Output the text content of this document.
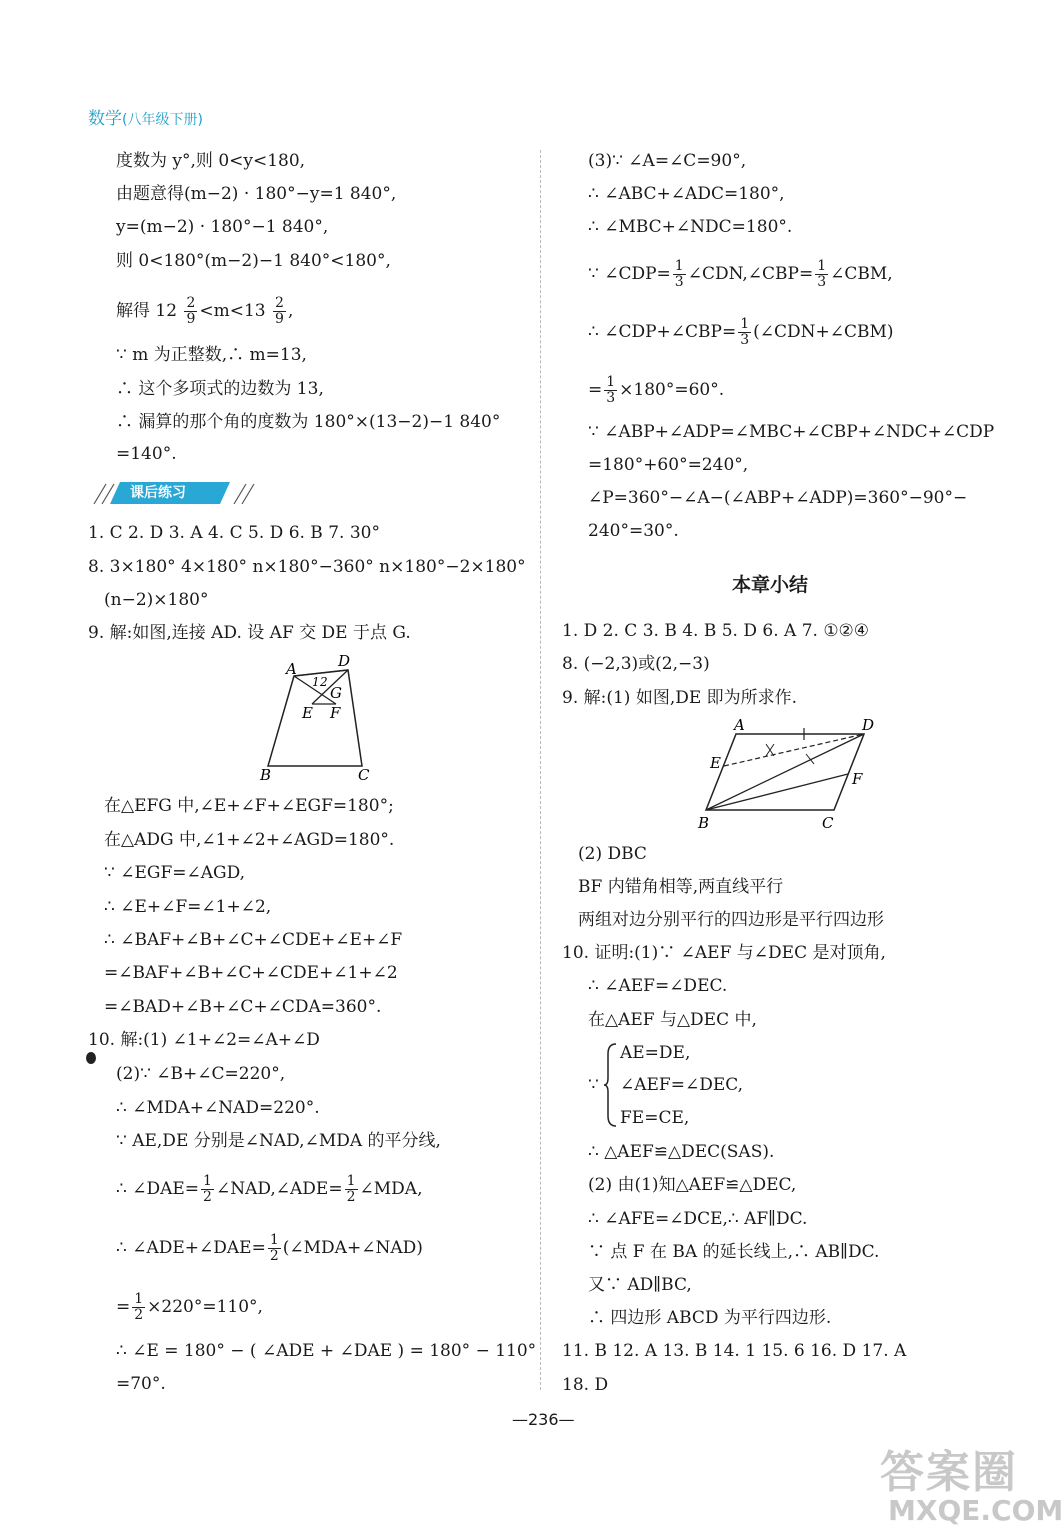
数学(八年级下册)
度数为 y°,则 0<y<180,
由题意得(m−2) · 180°−y=1 840°,
y=(m−2) · 180°−1 840°,
则 0<180°(m−2)−1 840°<180°,
解得 $12 \frac{2}{9} <m<13 \frac{2}{9}$ ,
∵ m 为正整数,∴ m=13,
∴ 这个多项式的边数为 13,
∴ 漏算的那个角的度数为 180°×(13−2)−1 840°
=140°.
课后练习
1. C 2. D 3. A 4. C 5. D 6. B 7. 30°
8. 3×180° 4×180° n×180°−360° n×180°−2×180°
(n−2)×180°
9. 解:如图,连接 AD. 设 AF 交 DE 于点 G.
A	D
1 2
G
E F
B	C
在△EFG 中,∠E+∠F+∠EGF=180°;
在△ADG 中,∠1+∠2+∠AGD=180°.
∵ ∠EGF=∠AGD,
∴ ∠E+∠F=∠1+∠2,
∴ ∠BAF+∠B+∠C+∠CDE+∠E+∠F
=∠BAF+∠B+∠C+∠CDE+∠1+∠2
=∠BAD+∠B+∠C+∠CDA=360°.
10. 解:(1) ∠1+∠2=∠A+∠D
(2)∵ ∠B+∠C=220°,
∴ ∠MDA+∠NAD=220°.
∵ AE,DE 分别是∠NAD,∠MDA 的平分线,
∴ ∠DAE= $\frac{1}{2}$ ∠NAD,∠ADE= $\frac{1}{2}$ ∠MDA,
∴ ∠ADE+∠DAE= $\frac{1}{2}$ (∠MDA+∠NAD)
= $\frac{1}{2} \times 220^\circ=110^\circ$,
∴ ∠E = 180° − ( ∠ADE + ∠DAE ) = 180° − 110°
=70°.
(3)∵ ∠A=∠C=90°,
∴ ∠ABC+∠ADC=180°,
∴ ∠MBC+∠NDC=180°.
∵ ∠CDP= $\frac{1}{3}$ ∠CDN,∠CBP= $\frac{1}{3}$ ∠CBM,
∴ ∠CDP+∠CBP= $\frac{1}{3}$ (∠CDN+∠CBM)
= $\frac{1}{3} \times 180^\circ=60^\circ$.
∵ ∠ABP+∠ADP=∠MBC+∠CBP+∠NDC+∠CDP
=180°+60°=240°,
∠P=360°−∠A−(∠ABP+∠ADP)=360°−90°−
240°=30°.
本章小结
1. D 2. C 3. B 4. B 5. D 6. A 7. ①②④
8. (−2,3)或(2,−3)
9. 解:(1) 如图,DE 即为所求作.
A	D
E
F
B	C
(2) DBC
BF 内错角相等,两直线平行
两组对边分别平行的四边形是平行四边形
10. 证明:(1)∵ ∠AEF 与∠DEC 是对顶角,
∴ ∠AEF=∠DEC.
在△AEF 与△DEC 中,
∵
AE=DE,
∠AEF=∠DEC,
FE=CE,
∴ △AEF≌△DEC(SAS).
(2) 由(1)知△AEF≌△DEC,
∴ ∠AFE=∠DCE,∴ AF∥DC.
∵ 点 F 在 BA 的延长线上,∴ AB∥DC.
又∵ AD∥BC,
∴ 四边形 ABCD 为平行四边形.
11. B 12. A 13. B 14. 1 15. 6 16. D 17. A
18. D
—236—
答案圈
MXQE.COM
